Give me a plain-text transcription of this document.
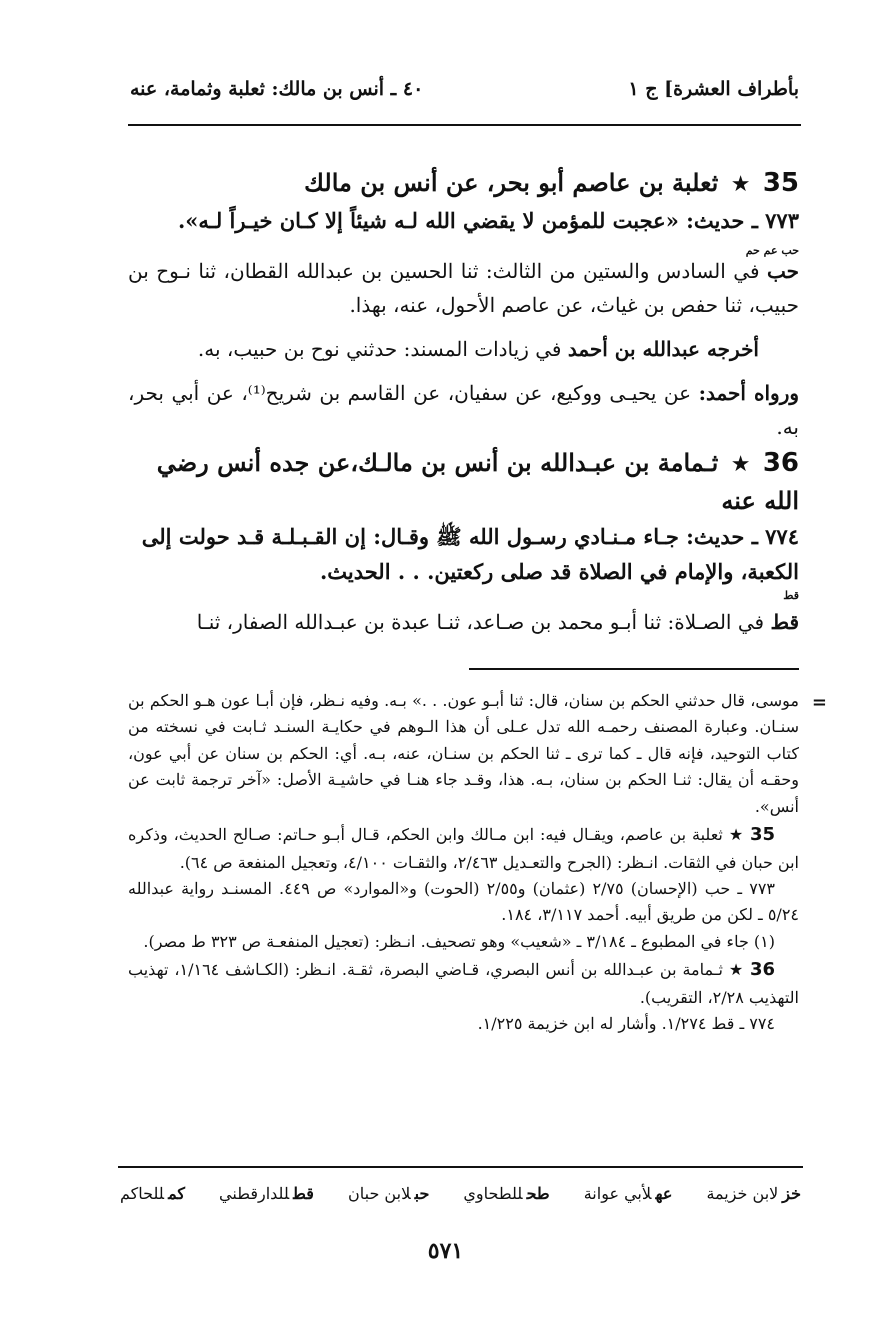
بأطراف العشرة] ج ١
٤٠ ـ أنس بن مالك: ثعلبة وثمامة، عنه

35 ★ ثعلبة بن عاصم أبو بحر، عن أنس بن مالك

٧٧٣ ـ حديث: «عجبت للمؤمن لا يقضي الله لـه شيئاً إلا كـان خيـراً لـه».

حب عم حم
حب في السادس والستين من الثالث: ثنا الحسين بن عبدالله القطان، ثنا نـوح بن حبيب، ثنا حفص بن غياث، عن عاصم الأحول، عنه، بهذا.

أخرجه عبدالله بن أحمد في زيادات المسند: حدثني نوح بن حبيب، به.

ورواه أحمد: عن يحيـى ووكيع، عن سفيان، عن القاسم بن شريح⁽¹⁾، عن أبي بحر، به.

36 ★ ثـمامة بن عبـدالله بن أنس بن مالـك،عن جده أنس رضي الله عنه

٧٧٤ ـ حديث: جـاء مـنـادي رسـول الله ﷺ وقـال: إن القـبـلـة قـد حولت إلى الكعبة، والإمام في الصلاة قد صلى ركعتين. . . الحديث.
قط

قط في الصـلاة: ثنا أبـو محمد بن صـاعد، ثنـا عبدة بن عبـدالله الصفار، ثنـا

=
موسى، قال حدثني الحكم بن سنان، قال: ثنا أبـو عون. . .» بـه. وفيه نـظر، فإن أبـا عون هـو الحكم بن سنـان. وعبارة المصنف رحمـه الله تدل عـلى أن هذا الـوهم في حكايـة السنـد ثـابت في نسخته من كتاب التوحيد، فإنه قال ـ كما ترى ـ ثنا الحكم بن سنـان، عنه، بـه. أي: الحكم بن سنان عن أبي عون، وحقـه أن يقال: ثنـا الحكم بن سنان، بـه. هذا، وقـد جاء هنـا في حاشيـة الأصل: «آخر ترجمة ثابت عن أنس».

35 ★ ثعلبة بن عاصم، ويقـال فيه: ابن مـالك وابن الحكم، قـال أبـو حـاتم: صـالح الحديث، وذكره ابن حبان في الثقات. انـظر: (الجرح والتعـديل ٢/٤٦٣، والثقـات ٤/١٠٠، وتعجيل المنفعة ص ٦٤).

٧٧٣ ـ حب (الإحسان) ٢/٧٥ (عثمان) و٢/٥٥ (الحوت) و«الموارد» ص ٤٤٩. المسنـد رواية عبدالله ٥/٢٤ ـ لكن من طريق أبيه. أحمد ٣/١١٧، ١٨٤.

(١) جاء في المطبوع ـ ٣/١٨٤ ـ «شعيب» وهو تصحيف. انـظر: (تعجيل المنفعـة ص ٣٢٣ ط مصر).

36 ★ ثـمامة بن عبـدالله بن أنس البصري، قـاضي البصرة، ثقـة. انـظر: (الكـاشف ١/١٦٤، تهذيب التهذيب ٢/٢٨، التقريب).

٧٧٤ ـ قط ١/٢٧٤. وأشار له ابن خزيمة ١/٢٢٥.

خزلابن خزيمة
عهلأبي عوانة
طحللطحاوي
حبلابن حبان
قطللدارقطني
كمللحاكم
٥٧١
